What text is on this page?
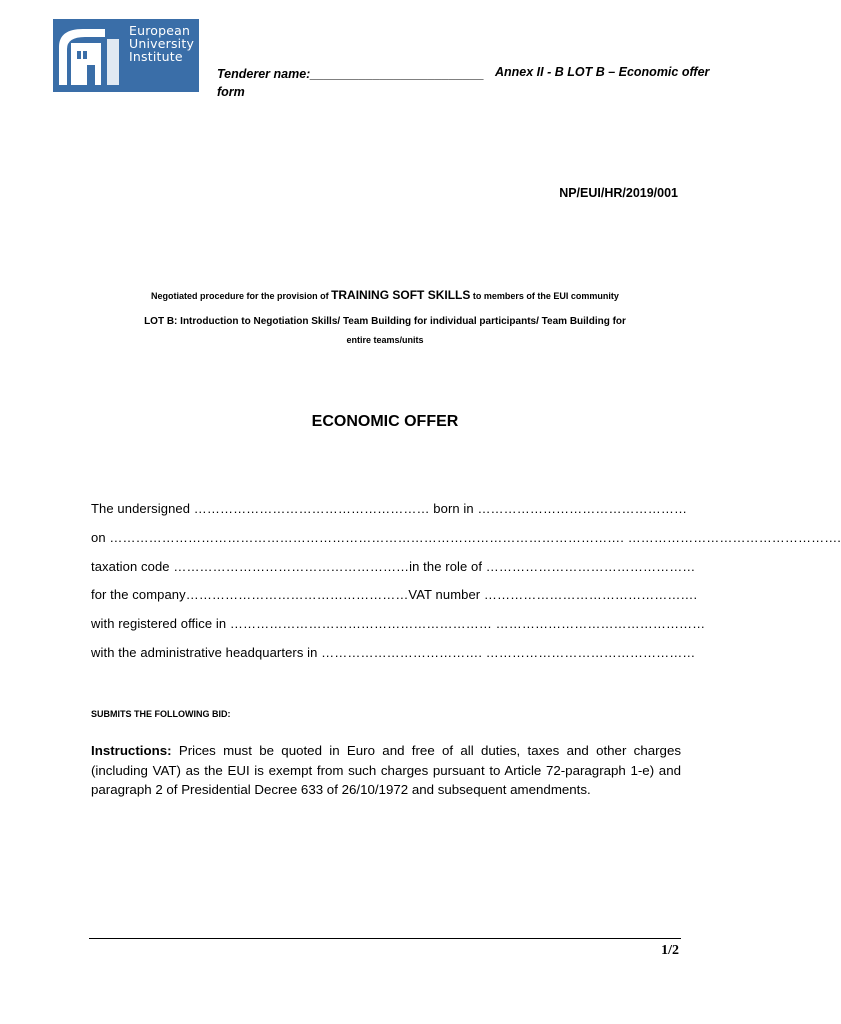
European
University
Institute
Tenderer name:_________________________
form
Annex II - B LOT B – Economic offer
NP/EUI/HR/2019/001
Negotiated procedure for the provision of TRAINING SOFT SKILLS to members of the EUI community
LOT B: Introduction to Negotiation Skills/ Team Building for individual participants/ Team Building for
entire teams/units
ECONOMIC OFFER
The undersigned ……………………………………………… born in …………………………………………
on ………………………………………………………………………………………………………. ………………………………………….
taxation code ………………………………………………in the role of …………………………………………
for the company……………………………………………VAT number ………………………………………….
with registered office in …………………………………………………… …………………………………………
with the administrative headquarters in ………………………………. …………………………………………
SUBMITS THE FOLLOWING BID:
Instructions: Prices must be quoted in Euro and free of all duties, taxes and other charges (including VAT) as the EUI is exempt from such charges pursuant to Article 72-paragraph 1-e) and paragraph 2 of Presidential Decree 633 of 26/10/1972 and subsequent amendments.
1/2
